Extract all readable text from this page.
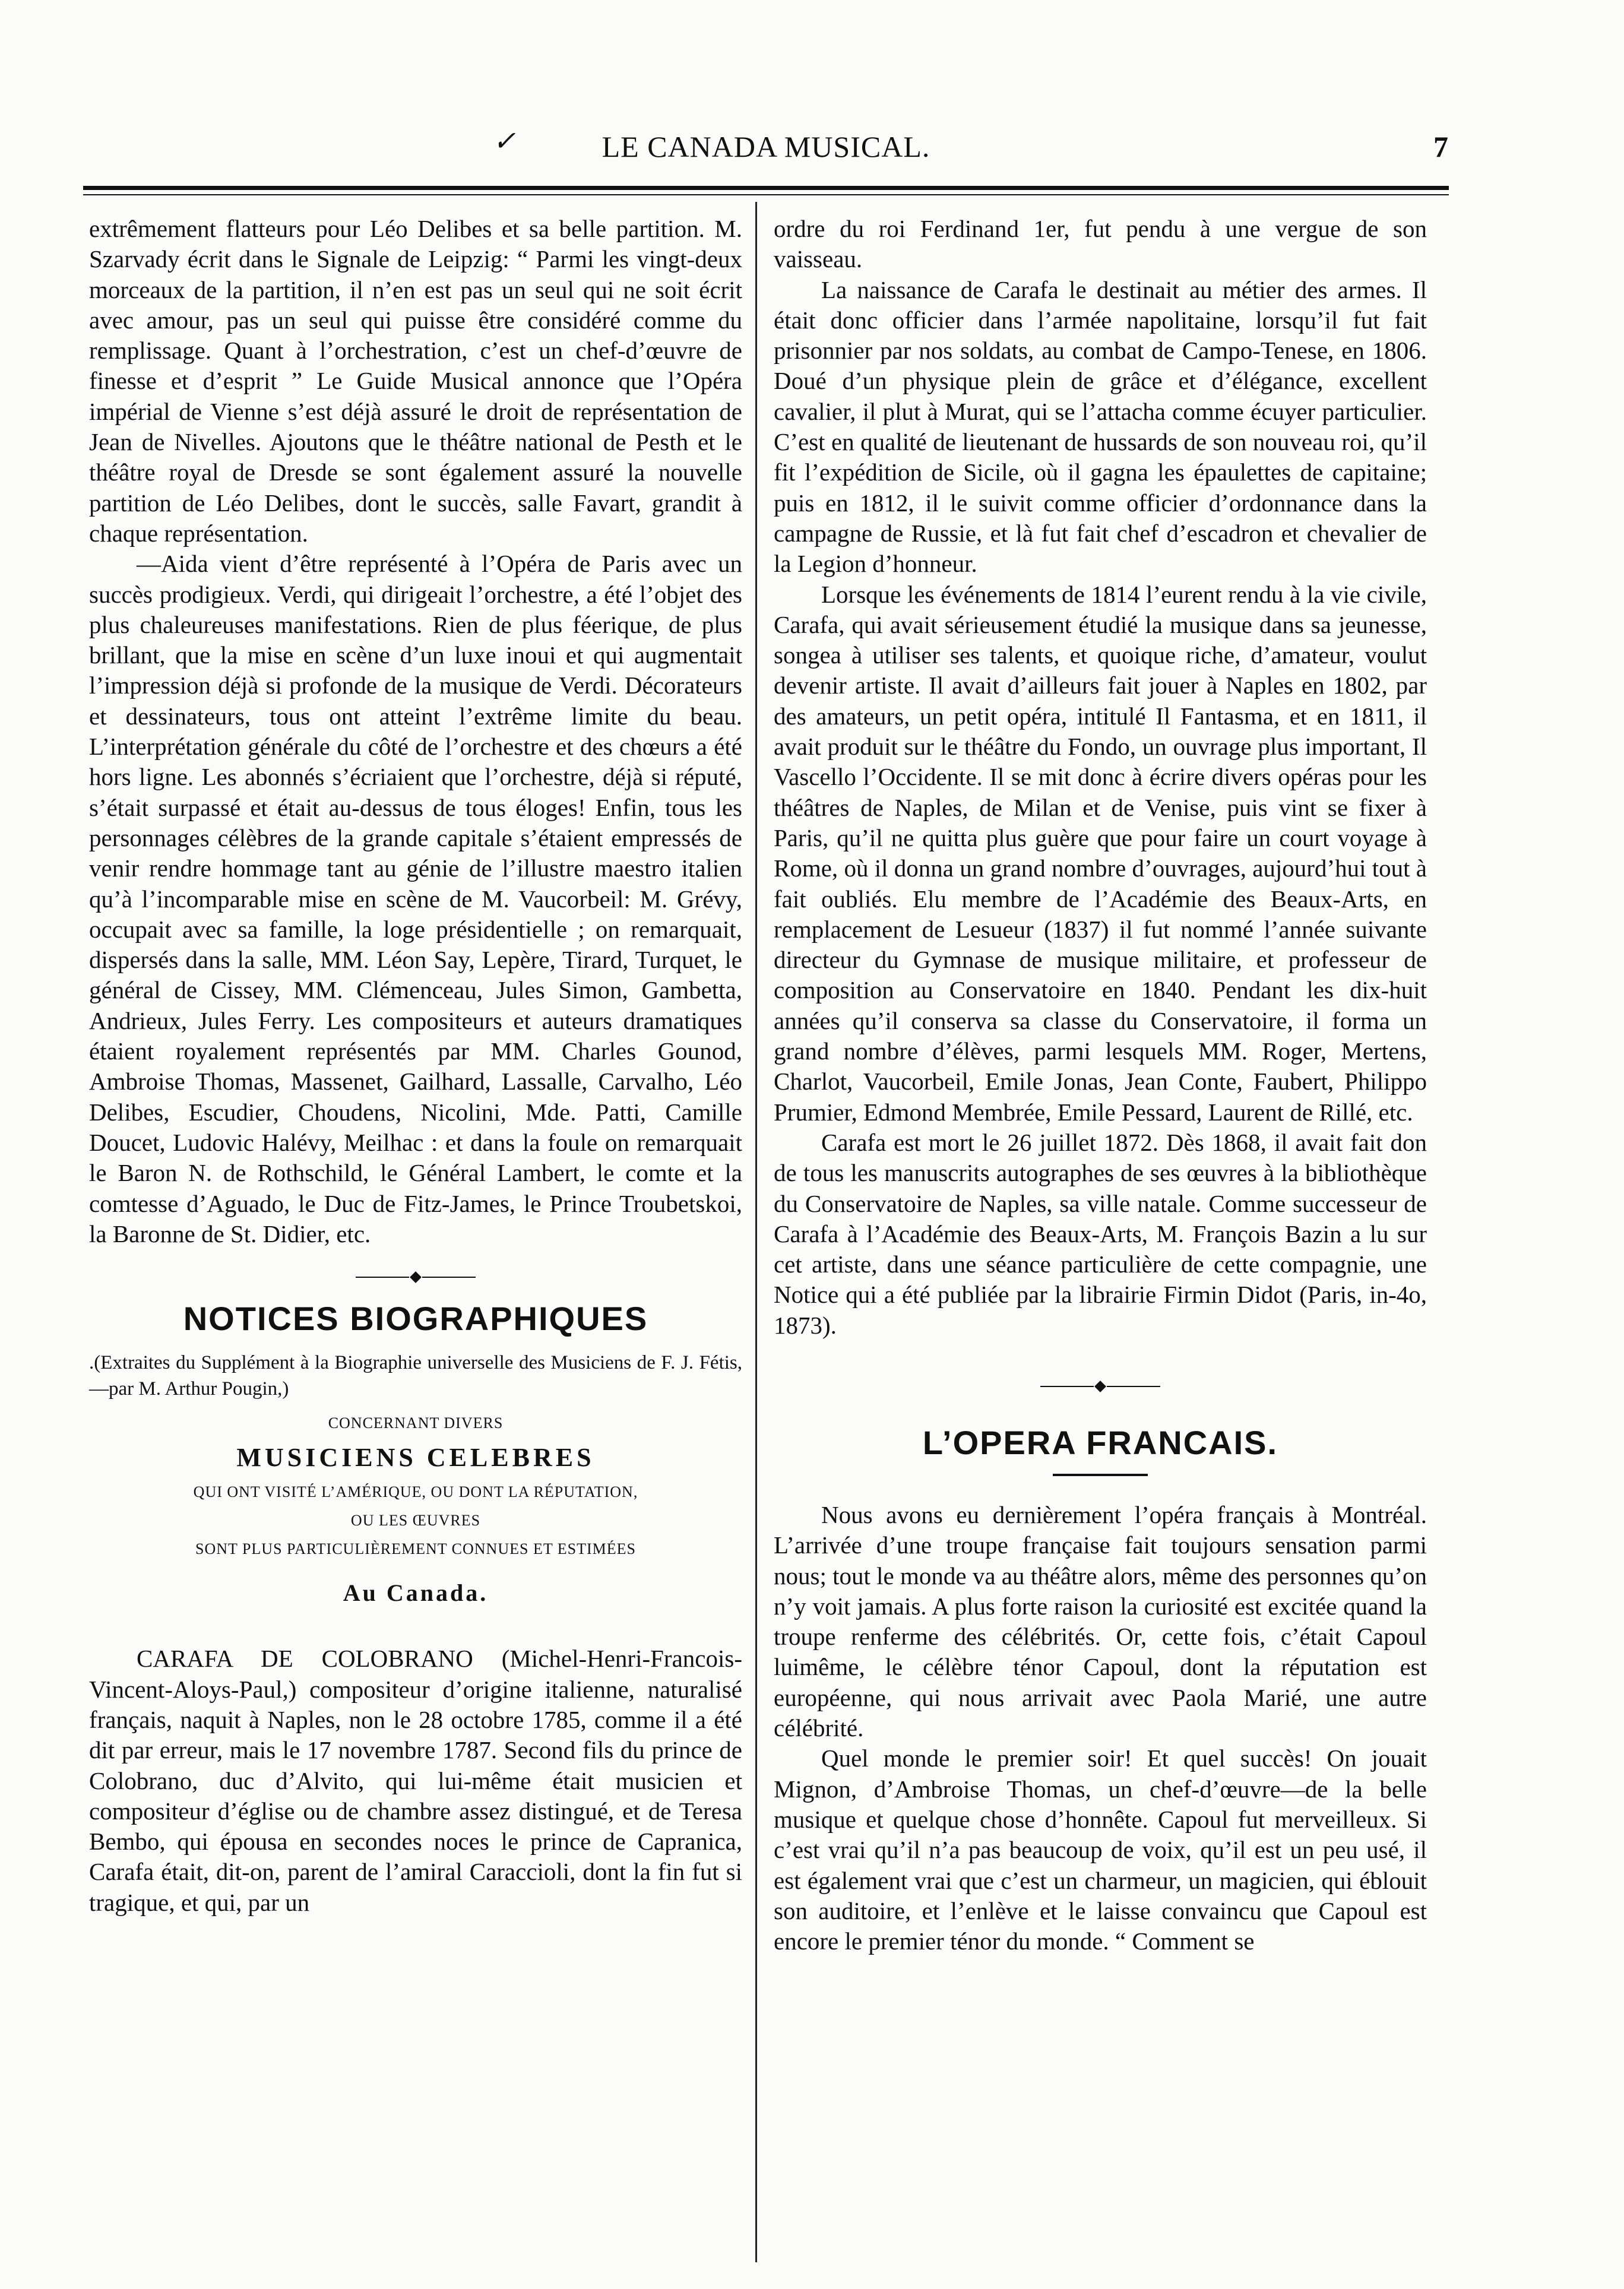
✓	LE CANADA MUSICAL.	7

extrêmement flatteurs pour Léo Delibes et sa belle partition. M. Szarvady écrit dans le Signale de Leipzig: “ Parmi les vingt-deux morceaux de la partition, il n’en est pas un seul qui ne soit écrit avec amour, pas un seul qui puisse être considéré comme du remplissage. Quant à l’orchestration, c’est un chef-d’œuvre de finesse et d’esprit ” Le Guide Musical annonce que l’Opéra impérial de Vienne s’est déjà assuré le droit de représentation de Jean de Nivelles. Ajoutons que le théâtre national de Pesth et le théâtre royal de Dresde se sont également assuré la nouvelle partition de Léo Delibes, dont le succès, salle Favart, grandit à chaque représentation.

—Aida vient d’être représenté à l’Opéra de Paris avec un succès prodigieux. Verdi, qui dirigeait l’orchestre, a été l’objet des plus chaleureuses manifestations. Rien de plus féerique, de plus brillant, que la mise en scène d’un luxe inoui et qui augmentait l’impression déjà si profonde de la musique de Verdi. Décorateurs et dessinateurs, tous ont atteint l’extrême limite du beau. L’interprétation générale du côté de l’orchestre et des chœurs a été hors ligne. Les abonnés s’écriaient que l’orchestre, déjà si réputé, s’était surpassé et était au-dessus de tous éloges! Enfin, tous les personnages célèbres de la grande capitale s’étaient empressés de venir rendre hommage tant au génie de l’illustre maestro italien qu’à l’incomparable mise en scène de M. Vaucorbeil: M. Grévy, occupait avec sa famille, la loge présidentielle ; on remarquait, dispersés dans la salle, MM. Léon Say, Lepère, Tirard, Turquet, le général de Cissey, MM. Clémenceau, Jules Simon, Gambetta, Andrieux, Jules Ferry. Les compositeurs et auteurs dramatiques étaient royalement représentés par MM. Charles Gounod, Ambroise Thomas, Massenet, Gailhard, Lassalle, Carvalho, Léo Delibes, Escudier, Choudens, Nicolini, Mde. Patti, Camille Doucet, Ludovic Halévy, Meilhac : et dans la foule on remarquait le Baron N. de Rothschild, le Général Lambert, le comte et la comtesse d’Aguado, le Duc de Fitz-James, le Prince Troubetskoi, la Baronne de St. Didier, etc.

NOTICES BIOGRAPHIQUES
.(Extraites du Supplément à la Biographie universelle des Musiciens de F. J. Fétis,—par M. Arthur Pougin,)
CONCERNANT DIVERS
MUSICIENS CELEBRES
QUI ONT VISITÉ L’AMÉRIQUE, OU DONT LA RÉPUTATION,
OU LES ŒUVRES
SONT PLUS PARTICULIÈREMENT CONNUES ET ESTIMÉES
Au Canada.

CARAFA DE COLOBRANO (Michel-Henri-Francois-Vincent-Aloys-Paul,) compositeur d’origine italienne, naturalisé français, naquit à Naples, non le 28 octobre 1785, comme il a été dit par erreur, mais le 17 novembre 1787. Second fils du prince de Colobrano, duc d’Alvito, qui lui-même était musicien et compositeur d’église ou de chambre assez distingué, et de Teresa Bembo, qui épousa en secondes noces le prince de Capranica, Carafa était, dit-on, parent de l’amiral Caraccioli, dont la fin fut si tragique, et qui, par un

ordre du roi Ferdinand 1er, fut pendu à une vergue de son vaisseau.

La naissance de Carafa le destinait au métier des armes. Il était donc officier dans l’armée napolitaine, lorsqu’il fut fait prisonnier par nos soldats, au combat de Campo-Tenese, en 1806. Doué d’un physique plein de grâce et d’élégance, excellent cavalier, il plut à Murat, qui se l’attacha comme écuyer particulier. C’est en qualité de lieutenant de hussards de son nouveau roi, qu’il fit l’expédition de Sicile, où il gagna les épaulettes de capitaine; puis en 1812, il le suivit comme officier d’ordonnance dans la campagne de Russie, et là fut fait chef d’escadron et chevalier de la Legion d’honneur.

Lorsque les événements de 1814 l’eurent rendu à la vie civile, Carafa, qui avait sérieusement étudié la musique dans sa jeunesse, songea à utiliser ses talents, et quoique riche, d’amateur, voulut devenir artiste. Il avait d’ailleurs fait jouer à Naples en 1802, par des amateurs, un petit opéra, intitulé Il Fantasma, et en 1811, il avait produit sur le théâtre du Fondo, un ouvrage plus important, Il Vascello l’Occidente. Il se mit donc à écrire divers opéras pour les théâtres de Naples, de Milan et de Venise, puis vint se fixer à Paris, qu’il ne quitta plus guère que pour faire un court voyage à Rome, où il donna un grand nombre d’ouvrages, aujourd’hui tout à fait oubliés. Elu membre de l’Académie des Beaux-Arts, en remplacement de Lesueur (1837) il fut nommé l’année suivante directeur du Gymnase de musique militaire, et professeur de composition au Conservatoire en 1840. Pendant les dix-huit années qu’il conserva sa classe du Conservatoire, il forma un grand nombre d’élèves, parmi lesquels MM. Roger, Mertens, Charlot, Vaucorbeil, Emile Jonas, Jean Conte, Faubert, Philippo Prumier, Edmond Membrée, Emile Pessard, Laurent de Rillé, etc.

Carafa est mort le 26 juillet 1872. Dès 1868, il avait fait don de tous les manuscrits autographes de ses œuvres à la bibliothèque du Conservatoire de Naples, sa ville natale. Comme successeur de Carafa à l’Académie des Beaux-Arts, M. François Bazin a lu sur cet artiste, dans une séance particulière de cette compagnie, une Notice qui a été publiée par la librairie Firmin Didot (Paris, in-4o, 1873).

L’OPERA FRANCAIS.

Nous avons eu dernièrement l’opéra français à Montréal. L’arrivée d’une troupe française fait toujours sensation parmi nous; tout le monde va au théâtre alors, même des personnes qu’on n’y voit jamais. A plus forte raison la curiosité est excitée quand la troupe renferme des célébrités. Or, cette fois, c’était Capoul luimême, le célèbre ténor Capoul, dont la réputation est européenne, qui nous arrivait avec Paola Marié, une autre célébrité.

Quel monde le premier soir! Et quel succès! On jouait Mignon, d’Ambroise Thomas, un chef-d’œuvre—de la belle musique et quelque chose d’honnête. Capoul fut merveilleux. Si c’est vrai qu’il n’a pas beaucoup de voix, qu’il est un peu usé, il est également vrai que c’est un charmeur, un magicien, qui éblouit son auditoire, et l’enlève et le laisse convaincu que Capoul est encore le premier ténor du monde. “ Comment se
